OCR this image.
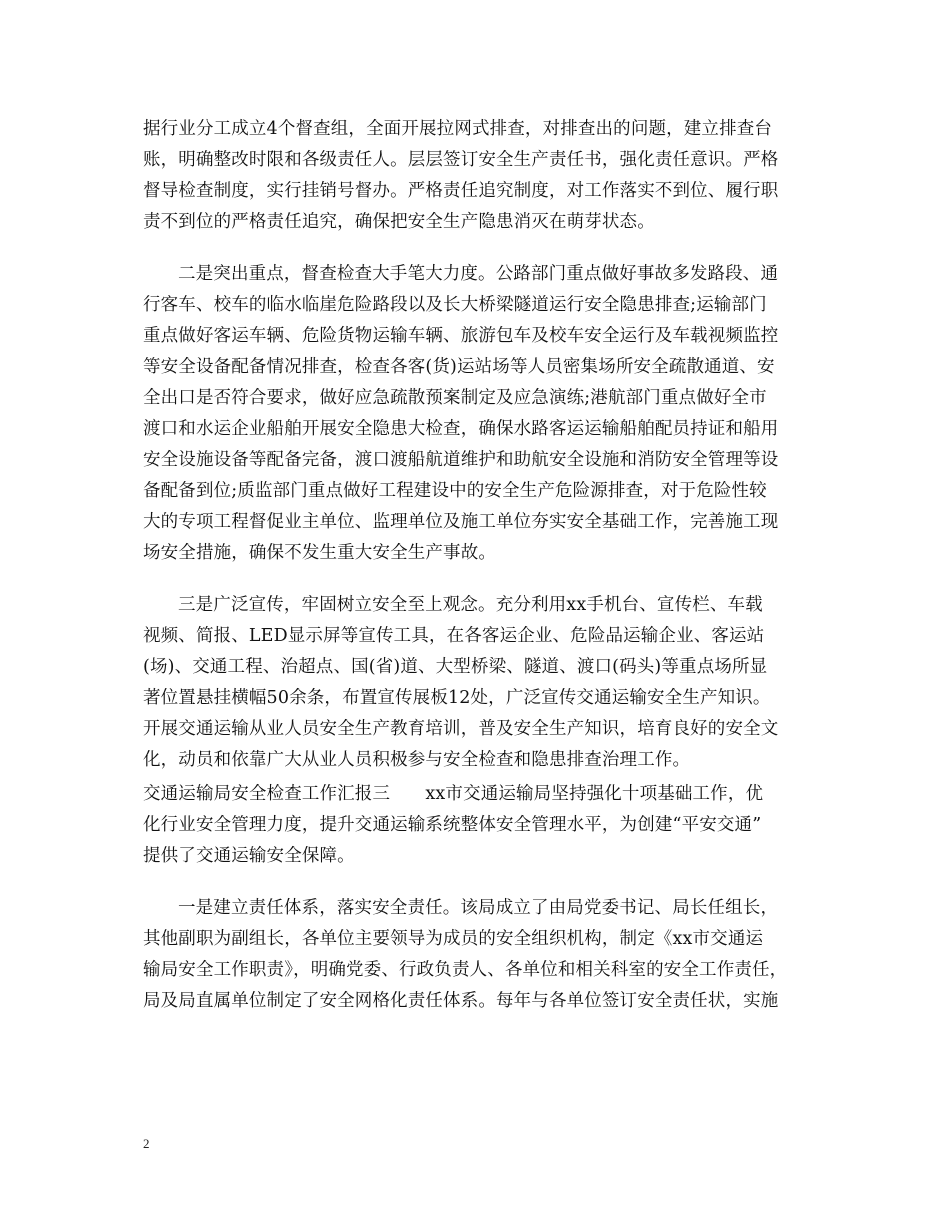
据行业分工成立4个督查组，全面开展拉网式排查，对排查出的问题，建立排查台
账，明确整改时限和各级责任人。层层签订安全生产责任书，强化责任意识。严格
督导检查制度，实行挂销号督办。严格责任追究制度，对工作落实不到位、履行职
责不到位的严格责任追究，确保把安全生产隐患消灭在萌芽状态。
二是突出重点，督查检查大手笔大力度。公路部门重点做好事故多发路段、通
行客车、校车的临水临崖危险路段以及长大桥梁隧道运行安全隐患排查;运输部门
重点做好客运车辆、危险货物运输车辆、旅游包车及校车安全运行及车载视频监控
等安全设备配备情况排查，检查各客(货)运站场等人员密集场所安全疏散通道、安
全出口是否符合要求，做好应急疏散预案制定及应急演练;港航部门重点做好全市
渡口和水运企业船舶开展安全隐患大检查，确保水路客运运输船舶配员持证和船用
安全设施设备等配备完备，渡口渡船航道维护和助航安全设施和消防安全管理等设
备配备到位;质监部门重点做好工程建设中的安全生产危险源排查，对于危险性较
大的专项工程督促业主单位、监理单位及施工单位夯实安全基础工作，完善施工现
场安全措施，确保不发生重大安全生产事故。
三是广泛宣传，牢固树立安全至上观念。充分利用xx手机台、宣传栏、车载
视频、简报、LED显示屏等宣传工具，在各客运企业、危险品运输企业、客运站
(场)、交通工程、治超点、国(省)道、大型桥梁、隧道、渡口(码头)等重点场所显
著位置悬挂横幅50余条，布置宣传展板12处，广泛宣传交通运输安全生产知识。
开展交通运输从业人员安全生产教育培训，普及安全生产知识，培育良好的安全文
化，动员和依靠广大从业人员积极参与安全检查和隐患排查治理工作。
交通运输局安全检查工作汇报三　　xx市交通运输局坚持强化十项基础工作，优
化行业安全管理力度，提升交通运输系统整体安全管理水平，为创建“平安交通”
提供了交通运输安全保障。
一是建立责任体系，落实安全责任。该局成立了由局党委书记、局长任组长，
其他副职为副组长，各单位主要领导为成员的安全组织机构，制定《xx市交通运
输局安全工作职责》，明确党委、行政负责人、各单位和相关科室的安全工作责任，
局及局直属单位制定了安全网格化责任体系。每年与各单位签订安全责任状，实施
2
